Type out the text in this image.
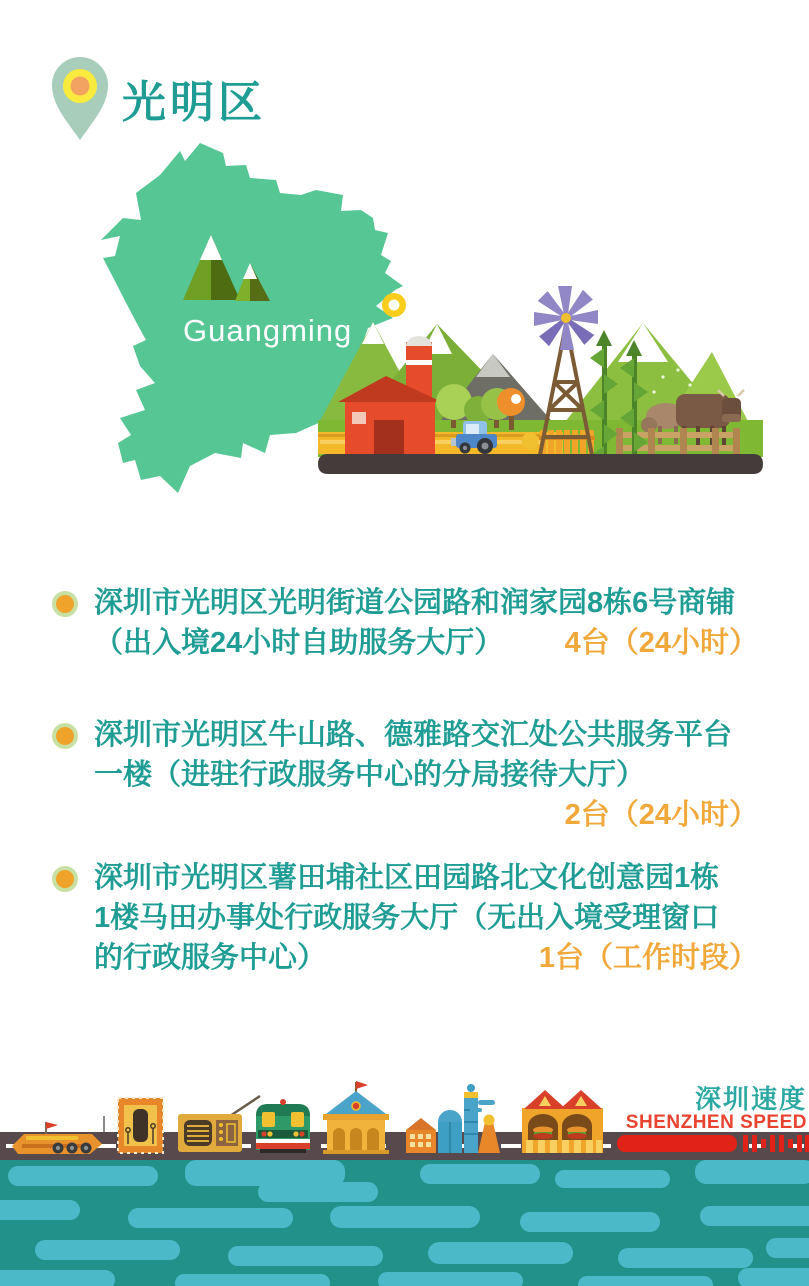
光明区
Guangming
深圳市光明区光明街道公园路和润家园8栋6号商铺
（出入境24小时自助服务大厅） 4台（24小时）
深圳市光明区牛山路、德雅路交汇处公共服务平台
一楼（进驻行政服务中心的分局接待大厅）
2台（24小时）
深圳市光明区薯田埔社区田园路北文化创意园1栋
1楼马田办事处行政服务大厅（无出入境受理窗口
的行政服务中心）	1台（工作时段）
深圳速度
SHENZHEN SPEED
